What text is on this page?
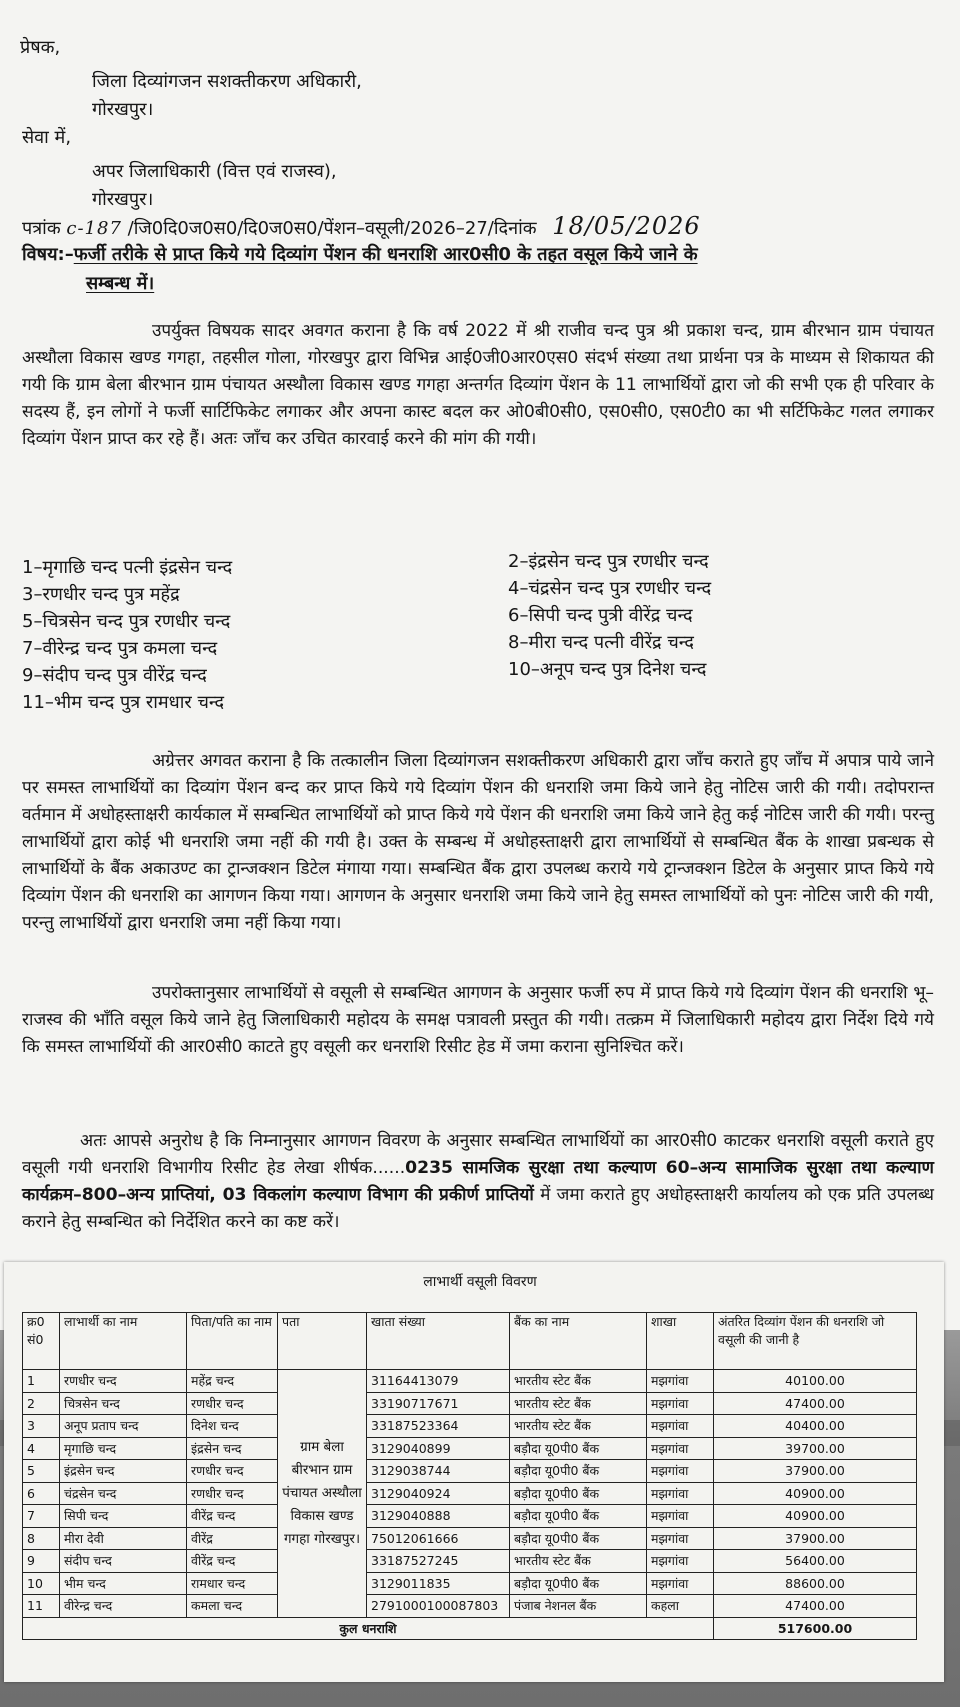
प्रेषक,
जिला दिव्यांगजन सशक्तीकरण अधिकारी,
गोरखपुर।
सेवा में,
अपर जिलाधिकारी (वित्त एवं राजस्व),
गोरखपुर।
पत्रांक c-187 /जि0दि0ज0स0/दि0ज0स0/पेंशन–वसूली/2026–27/दिनांक 18/05/2026
विषय:–फर्जी तरीके से प्राप्त किये गये दिव्यांग पेंशन की धनराशि आर0सी0 के तहत वसूल किये जाने के
सम्बन्ध में।

उपर्युक्त विषयक सादर अवगत कराना है कि वर्ष 2022 में श्री राजीव चन्द पुत्र श्री प्रकाश चन्द, ग्राम बीरभान ग्राम पंचायत अस्थौला विकास खण्ड गगहा, तहसील गोला, गोरखपुर द्वारा विभिन्न आई0जी0आर0एस0 संदर्भ संख्या तथा प्रार्थना पत्र के माध्यम से शिकायत की गयी कि ग्राम बेला बीरभान ग्राम पंचायत अस्थौला विकास खण्ड गगहा अन्तर्गत दिव्यांग पेंशन के 11 लाभार्थियों द्वारा जो की सभी एक ही परिवार के सदस्य हैं, इन लोगों ने फर्जी सार्टिफिकेट लगाकर और अपना कास्ट बदल कर ओ0बी0सी0, एस0सी0, एस0टी0 का भी सर्टिफिकेट गलत लगाकर दिव्यांग पेंशन प्राप्त कर रहे हैं। अतः जाँच कर उचित कारवाई करने की मांग की गयी।

1–मृगाछि चन्द पत्नी इंद्रसेन चन्द
3–रणधीर चन्द पुत्र महेंद्र
5–चित्रसेन चन्द पुत्र रणधीर चन्द
7–वीरेन्द्र चन्द पुत्र कमला चन्द
9–संदीप चन्द पुत्र वीरेंद्र चन्द
11–भीम चन्द पुत्र रामधार चन्द
2–इंद्रसेन चन्द पुत्र रणधीर चन्द
4–चंद्रसेन चन्द पुत्र रणधीर चन्द
6–सिपी चन्द पुत्री वीरेंद्र चन्द
8–मीरा चन्द पत्नी वीरेंद्र चन्द
10–अनूप चन्द पुत्र दिनेश चन्द

अग्रेत्तर अगवत कराना है कि तत्कालीन जिला दिव्यांगजन सशक्तीकरण अधिकारी द्वारा जाँच कराते हुए जाँच में अपात्र पाये जाने पर समस्त लाभार्थियों का दिव्यांग पेंशन बन्द कर प्राप्त किये गये दिव्यांग पेंशन की धनराशि जमा किये जाने हेतु नोटिस जारी की गयी। तदोपरान्त वर्तमान में अधोहस्ताक्षरी कार्यकाल में सम्बन्धित लाभार्थियों को प्राप्त किये गये पेंशन की धनराशि जमा किये जाने हेतु कई नोटिस जारी की गयी। परन्तु लाभार्थियों द्वारा कोई भी धनराशि जमा नहीं की गयी है। उक्त के सम्बन्ध में अधोहस्ताक्षरी द्वारा लाभार्थियों से सम्बन्धित बैंक के शाखा प्रबन्धक से लाभार्थियों के बैंक अकाउण्ट का ट्रान्जक्शन डिटेल मंगाया गया। सम्बन्धित बैंक द्वारा उपलब्ध कराये गये ट्रान्जक्शन डिटेल के अनुसार प्राप्त किये गये दिव्यांग पेंशन की धनराशि का आगणन किया गया। आगणन के अनुसार धनराशि जमा किये जाने हेतु समस्त लाभार्थियों को पुनः नोटिस जारी की गयी, परन्तु लाभार्थियों द्वारा धनराशि जमा नहीं किया गया।

उपरोक्तानुसार लाभार्थियों से वसूली से सम्बन्धित आगणन के अनुसार फर्जी रुप में प्राप्त किये गये दिव्यांग पेंशन की धनराशि भू–राजस्व की भाँति वसूल किये जाने हेतु जिलाधिकारी महोदय के समक्ष पत्रावली प्रस्तुत की गयी। तत्क्रम में जिलाधिकारी महोदय द्वारा निर्देश दिये गये कि समस्त लाभार्थियों की आर0सी0 काटते हुए वसूली कर धनराशि रिसीट हेड में जमा कराना सुनिश्चित करें।

अतः आपसे अनुरोध है कि निम्नानुसार आगणन विवरण के अनुसार सम्बन्धित लाभार्थियों का आर0सी0 काटकर धनराशि वसूली कराते हुए वसूली गयी धनराशि विभागीय रिसीट हेड लेखा शीर्षक......0235 सामजिक सुरक्षा तथा कल्याण 60–अन्य सामाजिक सुरक्षा तथा कल्याण कार्यक्रम–800–अन्य प्राप्तियां, 03 विकलांग कल्याण विभाग की प्रकीर्ण प्राप्तियों में जमा कराते हुए अधोहस्ताक्षरी कार्यालय को एक प्रति उपलब्ध कराने हेतु सम्बन्धित को निर्देशित करने का कष्ट करें।

लाभार्थी वसूली विवरण
क्र0 सं0	लाभार्थी का नाम	पिता/पति का नाम	पता	खाता संख्या	बैंक का नाम	शाखा	अंतरित दिव्यांग पेंशन की धनराशि जो वसूली की जानी है
1	रणधीर चन्द	महेंद्र चन्द	ग्राम बेला बीरभान ग्राम पंचायत अस्थौला विकास खण्ड गगहा गोरखपुर।	31164413079	भारतीय स्टेट बैंक	मझगांवा	40100.00
2	चित्रसेन चन्द	रणधीर चन्द		33190717671	भारतीय स्टेट बैंक	मझगांवा	47400.00
3	अनूप प्रताप चन्द	दिनेश चन्द		33187523364	भारतीय स्टेट बैंक	मझगांवा	40400.00
4	मृगाछि चन्द	इंद्रसेन चन्द		3129040899	बड़ौदा यू0पी0 बैंक	मझगांवा	39700.00
5	इंद्रसेन चन्द	रणधीर चन्द		3129038744	बड़ौदा यू0पी0 बैंक	मझगांवा	37900.00
6	चंद्रसेन चन्द	रणधीर चन्द		3129040924	बड़ौदा यू0पी0 बैंक	मझगांवा	40900.00
7	सिपी चन्द	वीरेंद्र चन्द		3129040888	बड़ौदा यू0पी0 बैंक	मझगांवा	40900.00
8	मीरा देवी	वीरेंद्र		75012061666	बड़ौदा यू0पी0 बैंक	मझगांवा	37900.00
9	संदीप चन्द	वीरेंद्र चन्द		33187527245	भारतीय स्टेट बैंक	मझगांवा	56400.00
10	भीम चन्द	रामधार चन्द		3129011835	बड़ौदा यू0पी0 बैंक	मझगांवा	88600.00
11	वीरेन्द्र चन्द	कमला चन्द		2791000100087803	पंजाब नेशनल बैंक	कहला	47400.00
कुल धनराशि							517600.00
